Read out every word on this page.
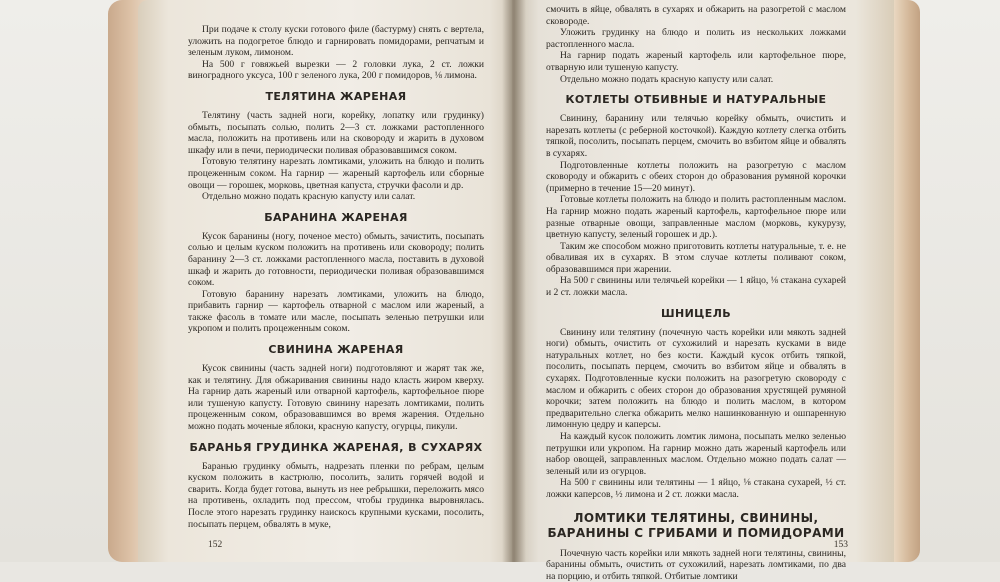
При подаче к столу куски готового филе (бастурму) снять с вертела, уложить на подогретое блюдо и гарнировать помидорами, репчатым и зеленым луком, лимоном.

На 500 г говяжьей вырезки — 2 головки лука, 2 ст. ложки виноградного уксуса, 100 г зеленого лука, 200 г помидоров, ⅛ лимона.

ТЕЛЯТИНА ЖАРЕНАЯ

Телятину (часть задней ноги, корейку, лопатку или грудинку) обмыть, посыпать солью, полить 2—3 ст. ложками растопленного масла, положить на противень или на сковороду и жарить в духовом шкафу или в печи, периодически поливая образовавшимся соком.

Готовую телятину нарезать ломтиками, уложить на блюдо и полить процеженным соком. На гарнир — жареный картофель или сборные овощи — горошек, морковь, цветная капуста, стручки фасоли и др.

Отдельно можно подать красную капусту или салат.

БАРАНИНА ЖАРЕНАЯ

Кусок баранины (ногу, поченое место) обмыть, зачистить, посыпать солью и целым куском положить на противень или сковороду; полить баранину 2—3 ст. ложками растопленного масла, поставить в духовой шкаф и жарить до готовности, периодически поливая образовавшимся соком.

Готовую баранину нарезать ломтиками, уложить на блюдо, прибавить гарнир — картофель отварной с маслом или жареный, а также фасоль в томате или масле, посыпать зеленью петрушки или укропом и полить процеженным соком.

СВИНИНА ЖАРЕНАЯ

Кусок свинины (часть задней ноги) подготовляют и жарят так же, как и телятину. Для обжаривания свинины надо класть жиром кверху. На гарнир дать жареный или отварной картофель, картофельное пюре или тушеную капусту. Готовую свинину нарезать ломтиками, полить процеженным соком, образовавшимся во время жарения. Отдельно можно подать моченые яблоки, красную капусту, огурцы, пикули.

БАРАНЬЯ ГРУДИНКА ЖАРЕНАЯ, В СУХАРЯХ

Баранью грудинку обмыть, надрезать пленки по ребрам, целым куском положить в кастрюлю, посолить, залить горячей водой и сварить. Когда будет готова, вынуть из нее ребрышки, переложить мясо на противень, охладить под прессом, чтобы грудинка выровнялась. После этого нарезать грудинку наискось крупными кусками, посолить, посыпать перцем, обвалять в муке,

152

смочить в яйце, обвалять в сухарях и обжарить на разогретой с маслом сковороде.

Уложить грудинку на блюдо и полить из нескольких ложками растопленного масла.

На гарнир подать жареный картофель или картофельное пюре, отварную или тушеную капусту.

Отдельно можно подать красную капусту или салат.

КОТЛЕТЫ ОТБИВНЫЕ И НАТУРАЛЬНЫЕ

Свинину, баранину или телячью корейку обмыть, очистить и нарезать котлеты (с реберной косточкой). Каждую котлету слегка отбить тяпкой, посолить, посыпать перцем, смочить во взбитом яйце и обвалять в сухарях.

Подготовленные котлеты положить на разогретую с маслом сковороду и обжарить с обеих сторон до образования румяной корочки (примерно в течение 15—20 минут).

Готовые котлеты положить на блюдо и полить растопленным маслом. На гарнир можно подать жареный картофель, картофельное пюре или разные отварные овощи, заправленные маслом (морковь, кукурузу, цветную капусту, зеленый горошек и др.).

Таким же способом можно приготовить котлеты натуральные, т. е. не обваливая их в сухарях. В этом случае котлеты поливают соком, образовавшимся при жарении.

На 500 г свинины или телячьей корейки — 1 яйцо, ⅛ стакана сухарей и 2 ст. ложки масла.

ШНИЦЕЛЬ

Свинину или телятину (почечную часть корейки или мякоть задней ноги) обмыть, очистить от сухожилий и нарезать кусками в виде натуральных котлет, но без кости. Каждый кусок отбить тяпкой, посолить, посыпать перцем, смочить во взбитом яйце и обвалять в сухарях. Подготовленные куски положить на разогретую сковороду с маслом и обжарить с обеих сторон до образования хрустящей румяной корочки; затем положить на блюдо и полить маслом, в котором предварительно слегка обжарить мелко нашинкованную и ошпаренную лимонную цедру и каперсы.

На каждый кусок положить ломтик лимона, посыпать мелко зеленью петрушки или укропом. На гарнир можно дать жареный картофель или набор овощей, заправленных маслом. Отдельно можно подать салат — зеленый или из огурцов.

На 500 г свинины или телятины — 1 яйцо, ⅛ стакана сухарей, ½ ст. ложки каперсов, ½ лимона и 2 ст. ложки масла.

ЛОМТИКИ ТЕЛЯТИНЫ, СВИНИНЫ, БАРАНИНЫ С ГРИБАМИ И ПОМИДОРАМИ

Почечную часть корейки или мякоть задней ноги телятины, свинины, баранины обмыть, очистить от сухожилий, нарезать ломтиками, по два на порцию, и отбить тяпкой. Отбитые ломтики

153
